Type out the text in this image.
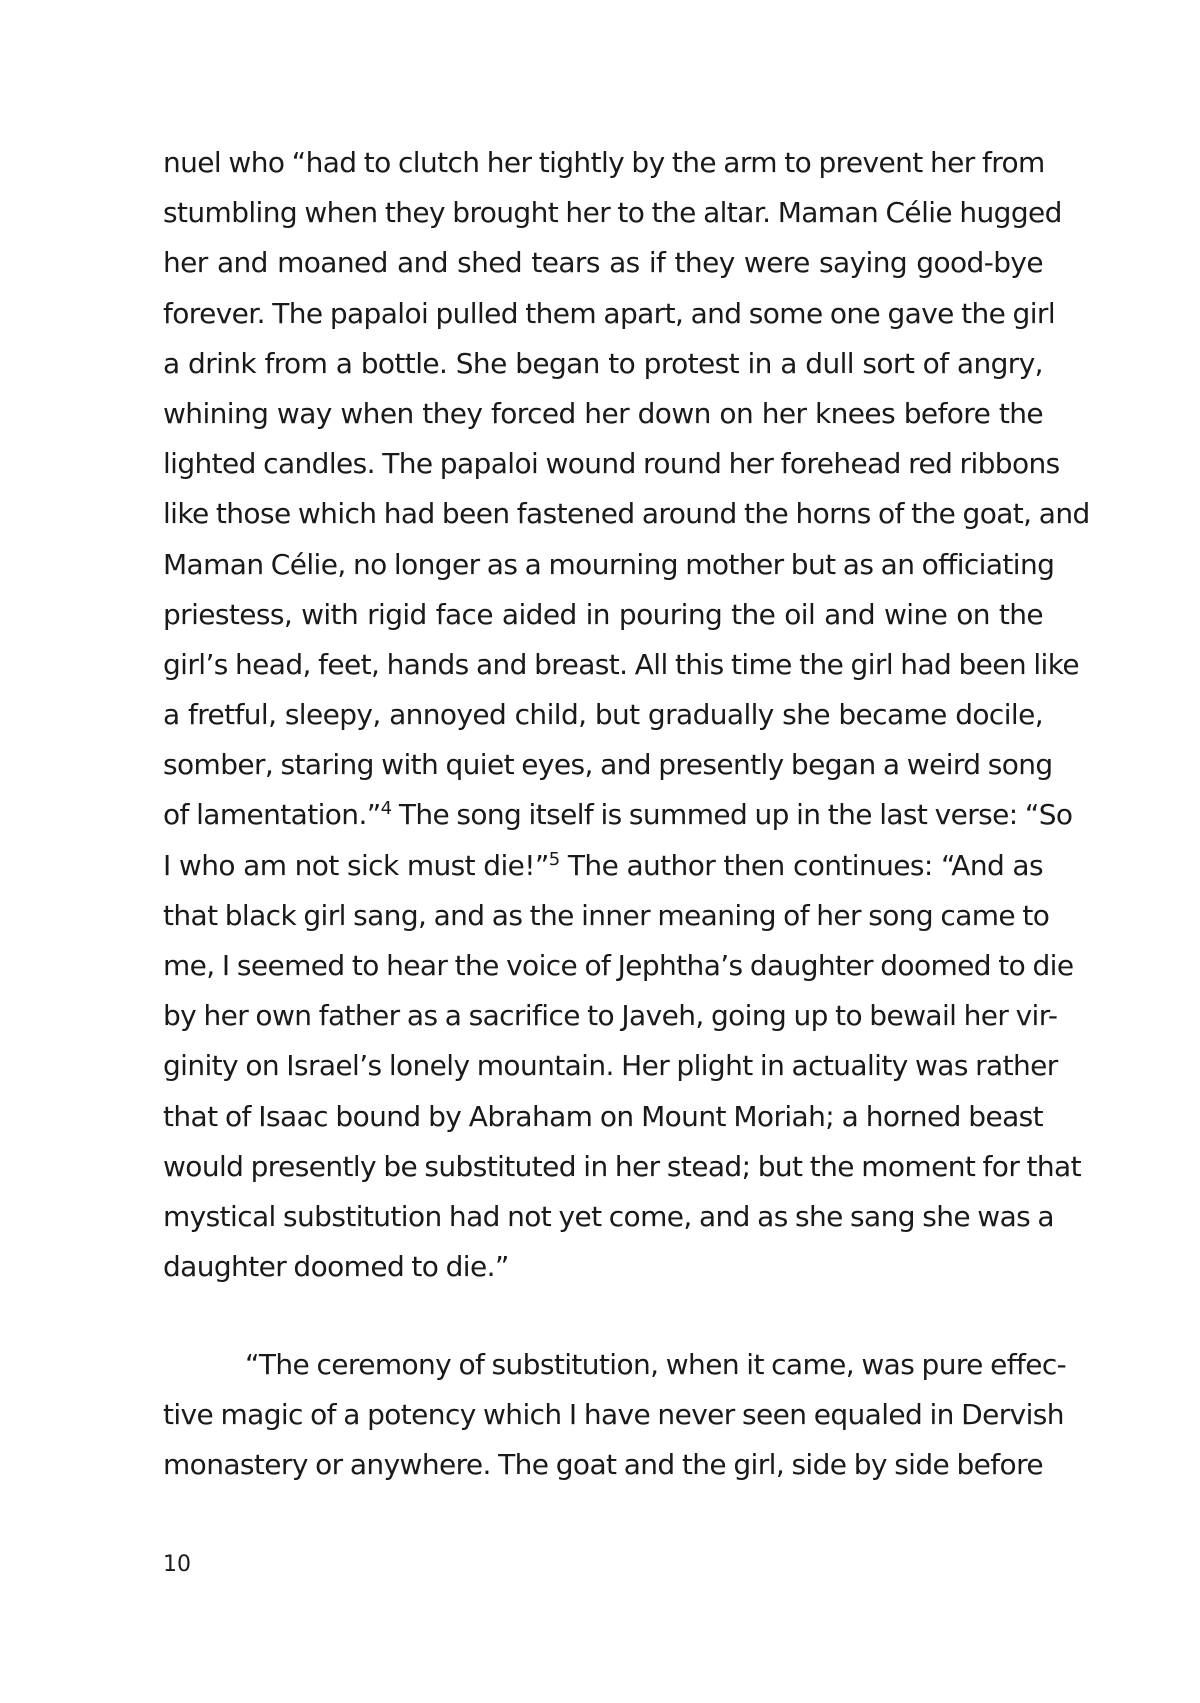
nuel who “had to clutch her tightly by the arm to prevent her from
stumbling when they brought her to the altar. Maman Célie hugged
her and moaned and shed tears as if they were saying good-bye
forever. The papaloi pulled them apart, and some one gave the girl
a drink from a bottle. She began to protest in a dull sort of angry,
whining way when they forced her down on her knees before the
lighted candles. The papaloi wound round her forehead red ribbons
like those which had been fastened around the horns of the goat, and
Maman Célie, no longer as a mourning mother but as an officiating
priestess, with rigid face aided in pouring the oil and wine on the
girl’s head, feet, hands and breast. All this time the girl had been like
a fretful, sleepy, annoyed child, but gradually she became docile,
somber, staring with quiet eyes, and presently began a weird song
of lamentation.”$^4$ The song itself is summed up in the last verse: “So
I who am not sick must die!”$^5$ The author then continues: “And as
that black girl sang, and as the inner meaning of her song came to
me, I seemed to hear the voice of Jephtha’s daughter doomed to die
by her own father as a sacrifice to Javeh, going up to bewail her vir-
ginity on Israel’s lonely mountain. Her plight in actuality was rather
that of Isaac bound by Abraham on Mount Moriah; a horned beast
would presently be substituted in her stead; but the moment for that
mystical substitution had not yet come, and as she sang she was a
daughter doomed to die.”
“The ceremony of substitution, when it came, was pure effec-
tive magic of a potency which I have never seen equaled in Dervish
monastery or anywhere. The goat and the girl, side by side before
10
